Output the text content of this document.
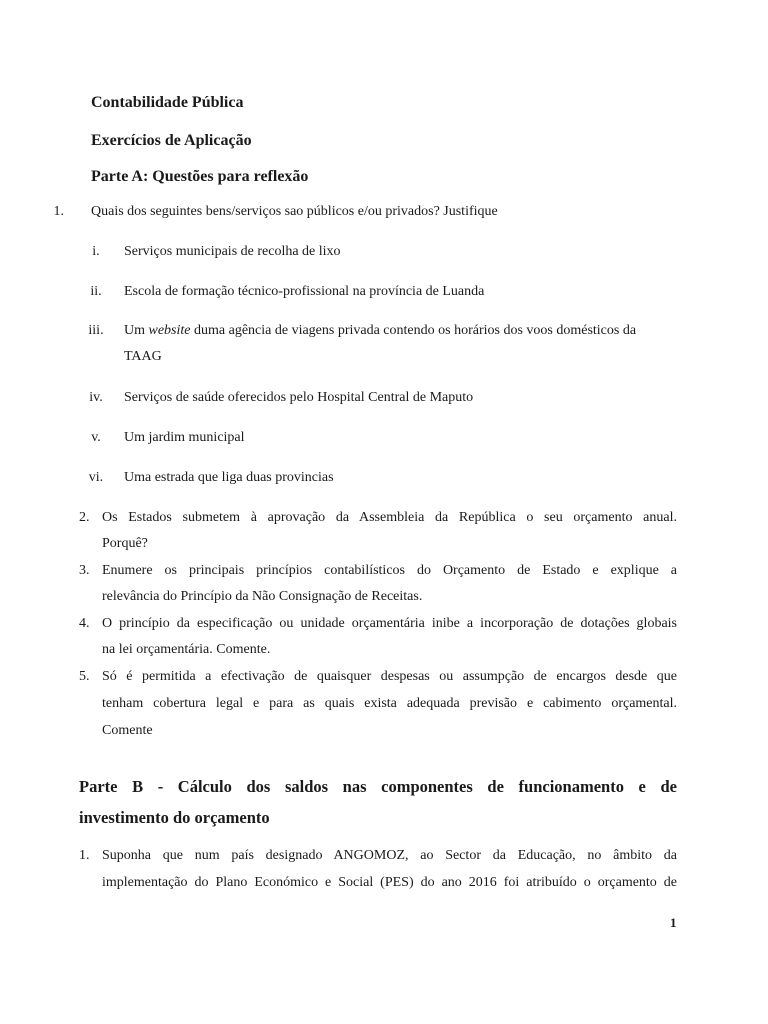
Contabilidade Pública
Exercícios de Aplicação
Parte A: Questões para reflexão
1. Quais dos seguintes bens/serviços sao públicos e/ou privados? Justifique
i.	Serviços municipais de recolha de lixo
ii.	Escola de formação técnico-profissional na província de Luanda
iii.	Um website duma agência de viagens privada contendo os horários dos voos domésticos da
TAAG
iv.	Serviços de saúde oferecidos pelo Hospital Central de Maputo
v.	Um jardim municipal
vi.	Uma estrada que liga duas provincias
2. Os Estados submetem à aprovação da Assembleia da República o seu orçamento anual.
Porquê?
3. Enumere os principais princípios contabilísticos do Orçamento de Estado e explique a
relevância do Princípio da Não Consignação de Receitas.
4. O princípio da especificação ou unidade orçamentária inibe a incorporação de dotações globais
na lei orçamentária. Comente.
5. Só é permitida a efectivação de quaisquer despesas ou assumpção de encargos desde que
tenham cobertura legal e para as quais exista adequada previsão e cabimento orçamental.
Comente
Parte B - Cálculo dos saldos nas componentes de funcionamento e de
investimento do orçamento
1. Suponha que num país designado ANGOMOZ, ao Sector da Educação, no âmbito da
implementação do Plano Económico e Social (PES) do ano 2016 foi atribuído o orçamento de
1
